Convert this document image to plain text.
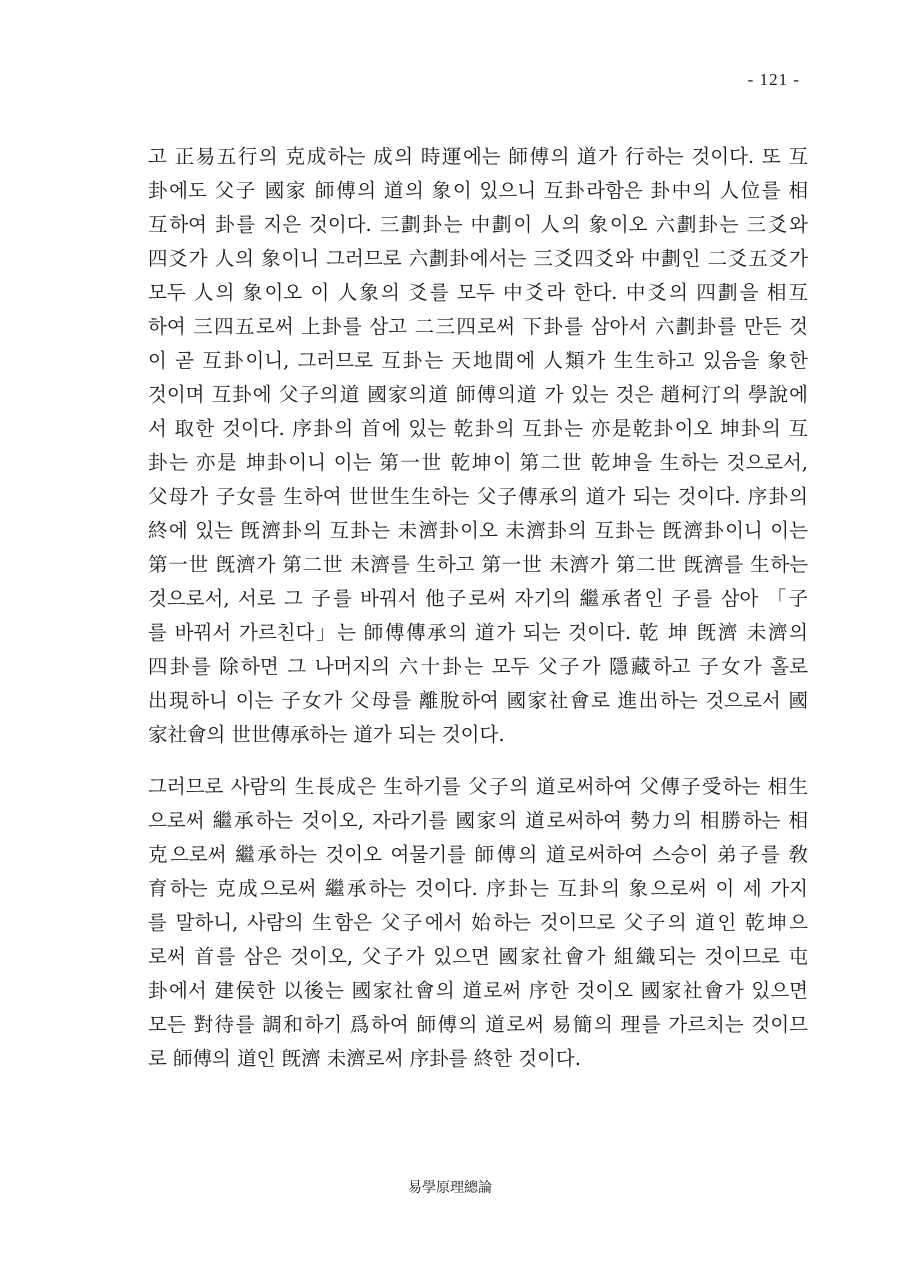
- 121 -
고 正易五行의 克成하는 成의 時運에는 師傅의 道가 行하는 것이다. 또 互
卦에도 父子 國家 師傅의 道의 象이 있으니 互卦라함은 卦中의 人位를 相
互하여 卦를 지은 것이다. 三劃卦는 中劃이 人의 象이오 六劃卦는 三爻와
四爻가 人의 象이니 그러므로 六劃卦에서는 三爻四爻와 中劃인 二爻五爻가
모두 人의 象이오 이 人象의 爻를 모두 中爻라 한다. 中爻의 四劃을 相互
하여 三四五로써 上卦를 삼고 二三四로써 下卦를 삼아서 六劃卦를 만든 것
이 곧 互卦이니, 그러므로 互卦는 天地間에 人類가 生生하고 있음을 象한
것이며 互卦에 父子의道 國家의道 師傅의道 가 있는 것은 趙柯汀의 學說에
서 取한 것이다. 序卦의 首에 있는 乾卦의 互卦는 亦是乾卦이오 坤卦의 互
卦는 亦是 坤卦이니 이는 第一世 乾坤이 第二世 乾坤을 生하는 것으로서,
父母가 子女를 生하여 世世生生하는 父子傳承의 道가 되는 것이다. 序卦의
終에 있는 旣濟卦의 互卦는 未濟卦이오 未濟卦의 互卦는 旣濟卦이니 이는
第一世 旣濟가 第二世 未濟를 生하고 第一世 未濟가 第二世 旣濟를 生하는
것으로서, 서로 그 子를 바꿔서 他子로써 자기의 繼承者인 子를 삼아 「子
를 바꿔서 가르친다」는 師傅傳承의 道가 되는 것이다. 乾 坤 旣濟 未濟의
四卦를 除하면 그 나머지의 六十卦는 모두 父子가 隱藏하고 子女가 홀로
出現하니 이는 子女가 父母를 離脫하여 國家社會로 進出하는 것으로서 國
家社會의 世世傳承하는 道가 되는 것이다.
그러므로 사람의 生長成은 生하기를 父子의 道로써하여 父傳子受하는 相生
으로써 繼承하는 것이오, 자라기를 國家의 道로써하여 勢力의 相勝하는 相
克으로써 繼承하는 것이오 여물기를 師傅의 道로써하여 스승이 弟子를 敎
育하는 克成으로써 繼承하는 것이다. 序卦는 互卦의 象으로써 이 세 가지
를 말하니, 사람의 生함은 父子에서 始하는 것이므로 父子의 道인 乾坤으
로써 首를 삼은 것이오, 父子가 있으면 國家社會가 組織되는 것이므로 屯
卦에서 建侯한 以後는 國家社會의 道로써 序한 것이오 國家社會가 있으면
모든 對待를 調和하기 爲하여 師傅의 道로써 易簡의 理를 가르치는 것이므
로 師傅의 道인 旣濟 未濟로써 序卦를 終한 것이다.
易學原理總論
